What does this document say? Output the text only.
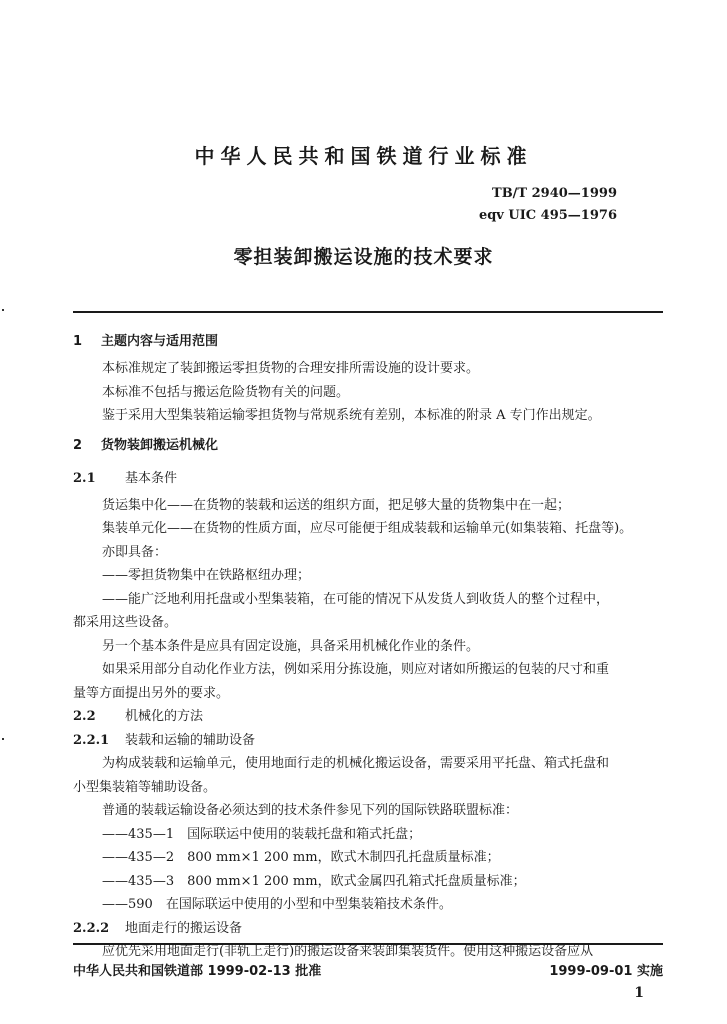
中华人民共和国铁道行业标准
TB/T 2940—1999
eqv UIC 495—1976
零担装卸搬运设施的技术要求

1 主题内容与适用范围

本标准规定了装卸搬运零担货物的合理安排所需设施的设计要求。

本标准不包括与搬运危险货物有关的问题。

鉴于采用大型集装箱运输零担货物与常规系统有差别，本标准的附录 A 专门作出规定。

2 货物装卸搬运机械化

2.1 基本条件

货运集中化——在货物的装载和运送的组织方面，把足够大量的货物集中在一起；

集装单元化——在货物的性质方面，应尽可能便于组成装载和运输单元(如集装箱、托盘等)。

亦即具备：

——零担货物集中在铁路枢纽办理；

——能广泛地利用托盘或小型集装箱，在可能的情况下从发货人到收货人的整个过程中，

都采用这些设备。

另一个基本条件是应具有固定设施，具备采用机械化作业的条件。

如果采用部分自动化作业方法，例如采用分拣设施，则应对诸如所搬运的包装的尺寸和重

量等方面提出另外的要求。

2.2 机械化的方法

2.2.1 装载和运输的辅助设备

为构成装载和运输单元，使用地面行走的机械化搬运设备，需要采用平托盘、箱式托盘和

小型集装箱等辅助设备。

普通的装载运输设备必须达到的技术条件参见下列的国际铁路联盟标准：

——435—1　国际联运中使用的装载托盘和箱式托盘；

——435—2　800 mm×1 200 mm，欧式木制四孔托盘质量标准；

——435—3　800 mm×1 200 mm，欧式金属四孔箱式托盘质量标准；

——590　在国际联运中使用的小型和中型集装箱技术条件。

2.2.2 地面走行的搬运设备

应优先采用地面走行(非轨上走行)的搬运设备来装卸集装货件。使用这种搬运设备应从

中华人民共和国铁道部 1999-02-13 批准	1999-09-01 实施
1
